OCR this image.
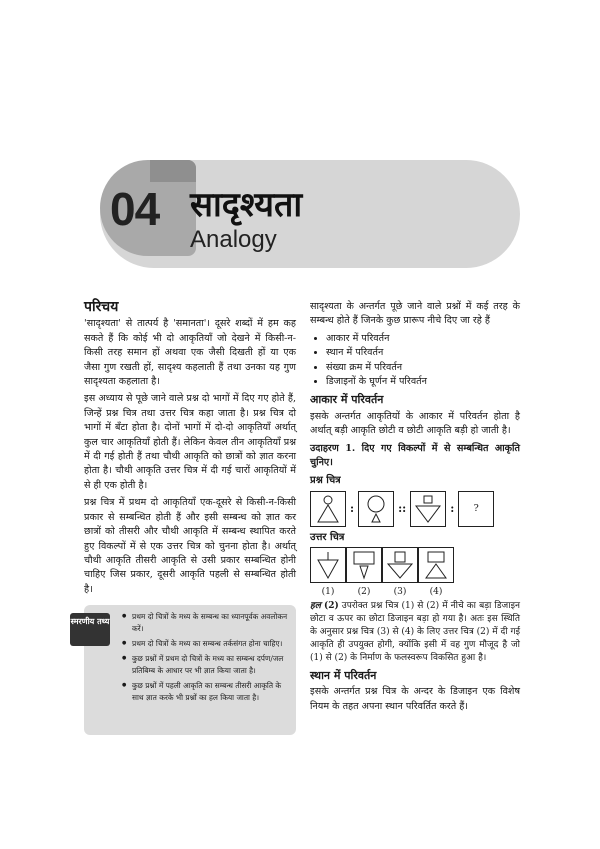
04 सादृश्यता
Analogy
परिचय

'सादृश्यता' से तात्पर्य है 'समानता'। दूसरे शब्दों में हम कह सकते हैं कि कोई भी दो आकृतियाँ जो देखने में किसी-न-किसी तरह समान हों अथवा एक जैसी दिखती हों या एक जैसा गुण रखती हों, सादृश्य कहलाती हैं तथा उनका यह गुण सादृश्यता कहलाता है।

इस अध्याय से पूछे जाने वाले प्रश्न दो भागों में दिए गए होते हैं, जिन्हें प्रश्न चित्र तथा उत्तर चित्र कहा जाता है। प्रश्न चित्र दो भागों में बँटा होता है। दोनों भागों में दो-दो आकृतियाँ अर्थात् कुल चार आकृतियाँ होती हैं। लेकिन केवल तीन आकृतियाँ प्रश्न में दी गई होती हैं तथा चौथी आकृति को छात्रों को ज्ञात करना होता है। चौथी आकृति उत्तर चित्र में दी गई चारों आकृतियों में से ही एक होती है।

प्रश्न चित्र में प्रथम दो आकृतियाँ एक-दूसरे से किसी-न-किसी प्रकार से सम्बन्धित होती हैं और इसी सम्बन्ध को ज्ञात कर छात्रों को तीसरी और चौथी आकृति में सम्बन्ध स्थापित करते हुए विकल्पों में से एक उत्तर चित्र को चुनना होता है। अर्थात् चौथी आकृति तीसरी आकृति से उसी प्रकार सम्बन्धित होनी चाहिए जिस प्रकार, दूसरी आकृति पहली से सम्बन्धित होती है।

स्मरणीय तथ्य
●	प्रथम दो चित्रों के मध्य के सम्बन्ध का ध्यानपूर्वक अवलोकन करें।
● प्रथम दो चित्रों के मध्य का सम्बन्ध तर्कसंगत होना चाहिए।
● कुछ प्रश्नों में प्रथम दो चित्रों के मध्य का सम्बन्ध दर्पण/जल प्रतिबिम्ब के आधार पर भी ज्ञात किया जाता है।
● कुछ प्रश्नों में पहली आकृति का सम्बन्ध तीसरी आकृति के साथ ज्ञात करके भी प्रश्नों का हल किया जाता है।

सादृश्यता के अन्तर्गत पूछे जाने वाले प्रश्नों में कई तरह के सम्बन्ध होते हैं जिनके कुछ प्रारूप नीचे दिए जा रहे हैं

• आकार में परिवर्तन
• स्थान में परिवर्तन
• संख्या क्रम में परिवर्तन
• डिजाइनों के घूर्णन में परिवर्तन
आकार में परिवर्तन

इसके अन्तर्गत आकृतियों के आकार में परिवर्तन होता है अर्थात् बड़ी आकृति छोटी व छोटी आकृति बड़ी हो जाती है।

उदाहरण 1. दिए गए विकल्पों में से सम्बन्धित आकृति चुनिए।
प्रश्न चित्र
:	::	: ?
उत्तर चित्र
(1)	(2)	(3)	(4)

हल (2) उपरोक्त प्रश्न चित्र (1) से (2) में नीचे का बड़ा डिजाइन छोटा व ऊपर का छोटा डिजाइन बड़ा हो गया है। अतः इस स्थिति के अनुसार प्रश्न चित्र (3) से (4) के लिए उत्तर चित्र (2) में दी गई आकृति ही उपयुक्त होगी, क्योंकि इसी में वह गुण मौजूद है जो (1) से (2) के निर्माण के फलस्वरूप विकसित हुआ है।

स्थान में परिवर्तन

इसके अन्तर्गत प्रश्न चित्र के अन्दर के डिजाइन एक विशेष नियम के तहत अपना स्थान परिवर्तित करते हैं।
